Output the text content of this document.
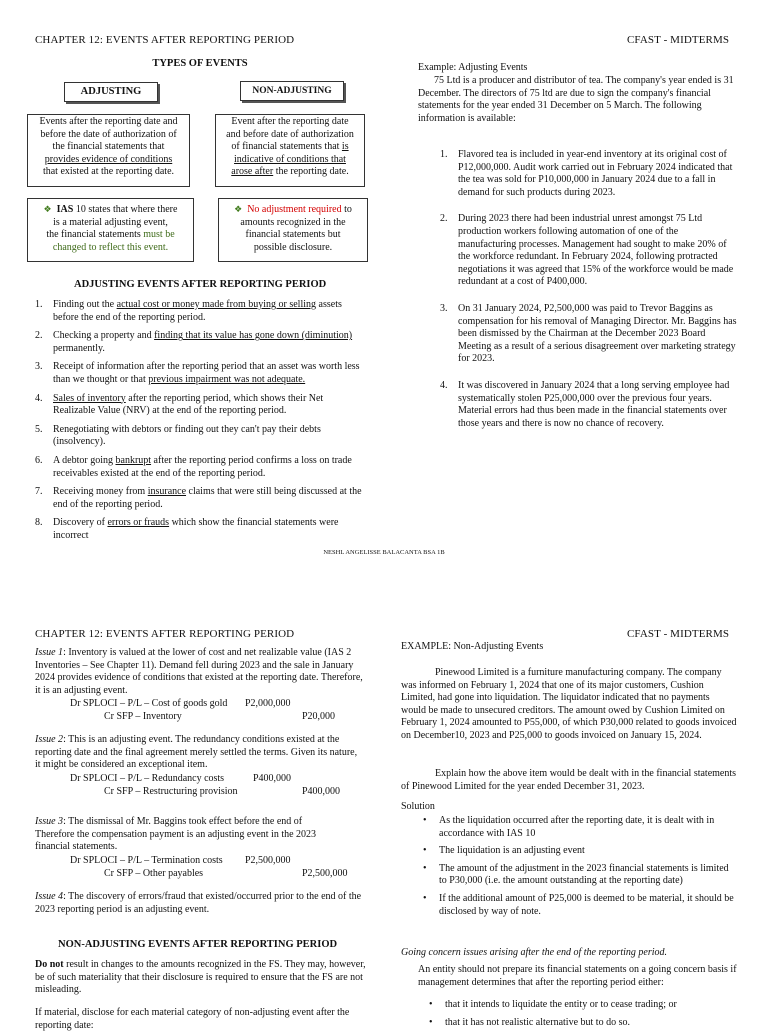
CHAPTER 12: EVENTS AFTER REPORTING PERIOD	CFAST - MIDTERMS
TYPES OF EVENTS
ADJUSTING	NON-ADJUSTING
Events after the reporting date and
before the date of authorization of
the financial statements that
provides evidence of conditions
that existed at the reporting date.
Event after the reporting date
and before date of authorization
of financial statements that is
indicative of conditions that
arose after the reporting date.
❖ IAS 10 states that where there
is a material adjusting event,
the financial statements must be
changed to reflect this event.
❖ No adjustment required to
amounts recognized in the
financial statements but
possible disclosure.
ADJUSTING EVENTS AFTER REPORTING PERIOD
1. Finding out the actual cost or money made from buying or selling assets before the end of the reporting period.
2. Checking a property and finding that its value has gone down (diminution) permanently.
3. Receipt of information after the reporting period that an asset was worth less than we thought or that previous impairment was not adequate.
4. Sales of inventory after the reporting period, which shows their Net Realizable Value (NRV) at the end of the reporting period.
5. Renegotiating with debtors or finding out they can't pay their debts (insolvency).
6. A debtor going bankrupt after the reporting period confirms a loss on trade receivables existed at the end of the reporting period.
7. Receiving money from insurance claims that were still being discussed at the end of the reporting period.
8. Discovery of errors or frauds which show the financial statements were incorrect
Example: Adjusting Events
75 Ltd is a producer and distributor of tea. The company's year ended is 31 December. The directors of 75 ltd are due to sign the company's financial statements for the year ended 31 December on 5 March. The following information is available:
1. Flavored tea is included in year-end inventory at its original cost of P12,000,000. Audit work carried out in February 2024 indicated that the tea was sold for P10,000,000 in January 2024 due to a fall in demand for such products during 2023.
2. During 2023 there had been industrial unrest amongst 75 Ltd production workers following automation of one of the manufacturing processes. Management had sought to make 20% of the workforce redundant. In February 2024, following protracted negotiations it was agreed that 15% of the workforce would be made redundant at a cost of P400,000.
3. On 31 January 2024, P2,500,000 was paid to Trevor Baggins as compensation for his removal of Managing Director. Mr. Baggins has been dismissed by the Chairman at the December 2023 Board Meeting as a result of a serious disagreement over marketing strategy for 2023.
4. It was discovered in January 2024 that a long serving employee had systematically stolen P25,000,000 over the previous four years. Material errors had thus been made in the financial statements over those years and there is now no chance of recovery.
NESHL ANGELISSE BALACANTA BSA 1B
CHAPTER 12: EVENTS AFTER REPORTING PERIOD	CFAST - MIDTERMS
Issue 1: Inventory is valued at the lower of cost and net realizable value (IAS 2 Inventories – See Chapter 11). Demand fell during 2023 and the sale in January 2024 provides evidence of conditions that existed at the reporting date. Therefore, it is an adjusting event.
Dr SPLOCI – P/L – Cost of goods gold P2,000,000
Cr SFP – Inventory	P20,000
Issue 2: This is an adjusting event. The redundancy conditions existed at the reporting date and the final agreement merely settled the terms. Given its nature, it might be considered an exceptional item.
Dr SPLOCI – P/L – Redundancy costs	P400,000
Cr SFP – Restructuring provision	P400,000
Issue 3: The dismissal of Mr. Baggins took effect before the end of Therefore the compensation payment is an adjusting event in the 2023 financial statements.
Dr SPLOCI – P/L – Termination costs P2,500,000
Cr SFP – Other payables	P2,500,000
Issue 4: The discovery of errors/fraud that existed/occurred prior to the end of the 2023 reporting period is an adjusting event.
NON-ADJUSTING EVENTS AFTER REPORTING PERIOD
Do not result in changes to the amounts recognized in the FS. They may, however, be of such materiality that their disclosure is required to ensure that the FS are not misleading.
If material, disclose for each material category of non-adjusting event after the reporting date:
EXAMPLE: Non-Adjusting Events
Pinewood Limited is a furniture manufacturing company. The company was informed on February 1, 2024 that one of its major customers, Cushion Limited, had gone into liquidation. The liquidator indicated that no payments would be made to unsecured creditors. The amount owed by Cushion Limited on February 1, 2024 amounted to P55,000, of which P30,000 related to goods invoiced on December10, 2023 and P25,000 to goods invoiced on January 15, 2024.
Explain how the above item would be dealt with in the financial statements of Pinewood Limited for the year ended December 31, 2023.
Solution
• As the liquidation occurred after the reporting date, it is dealt with in accordance with IAS 10
• The liquidation is an adjusting event
• The amount of the adjustment in the 2023 financial statements is limited to P30,000 (i.e. the amount outstanding at the reporting date)
• If the additional amount of P25,000 is deemed to be material, it should be disclosed by way of note.
Going concern issues arising after the end of the reporting period.
An entity should not prepare its financial statements on a going concern basis if management determines that after the reporting period either:
• that it intends to liquidate the entity or to cease trading; or
• that it has not realistic alternative but to do so.
